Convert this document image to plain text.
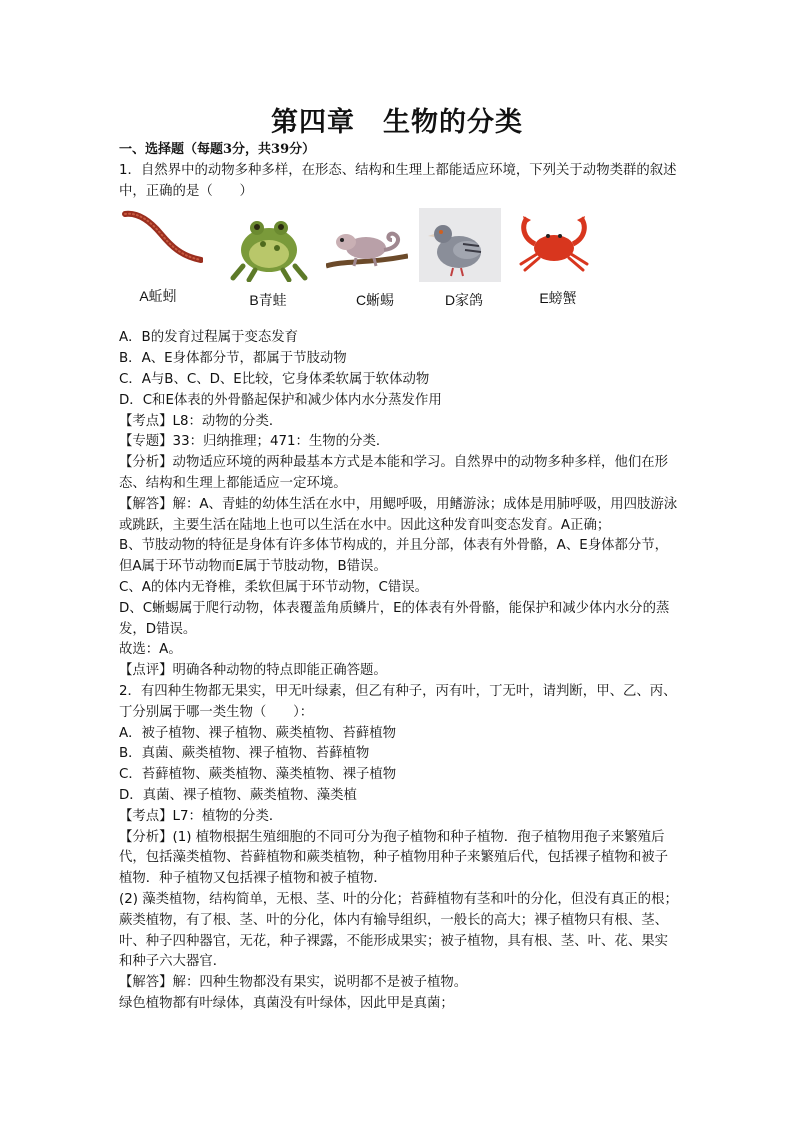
第四章　生物的分类

一、选择题（每题3分，共39分）

1．自然界中的动物多种多样，在形态、结构和生理上都能适应环境，下列关于动物类群的叙述中，正确的是（　　）

A蚯蚓	B青蛙	C蜥蜴	D家鸽	E螃蟹

A．B的发育过程属于变态发育

B．A、E身体都分节，都属于节肢动物

C．A与B、C、D、E比较，它身体柔软属于软体动物

D．C和E体表的外骨骼起保护和减少体内水分蒸发作用

【考点】L8：动物的分类．

【专题】33：归纳推理；471：生物的分类．

【分析】动物适应环境的两种最基本方式是本能和学习。自然界中的动物多种多样，他们在形态、结构和生理上都能适应一定环境。

【解答】解：A、青蛙的幼体生活在水中，用鳃呼吸，用鳍游泳；成体是用肺呼吸，用四肢游泳或跳跃，主要生活在陆地上也可以生活在水中。因此这种发育叫变态发育。A正确；

B、节肢动物的特征是身体有许多体节构成的，并且分部，体表有外骨骼，A、E身体都分节，但A属于环节动物而E属于节肢动物，B错误。

C、A的体内无脊椎，柔软但属于环节动物，C错误。

D、C蜥蜴属于爬行动物，体表覆盖角质鳞片，E的体表有外骨骼，能保护和减少体内水分的蒸发，D错误。

故选：A。

【点评】明确各种动物的特点即能正确答题。

2．有四种生物都无果实，甲无叶绿素，但乙有种子，丙有叶，丁无叶，请判断，甲、乙、丙、丁分别属于哪一类生物（　　）：

A．被子植物、裸子植物、蕨类植物、苔藓植物

B．真菌、蕨类植物、裸子植物、苔藓植物

C．苔藓植物、蕨类植物、藻类植物、裸子植物

D．真菌、裸子植物、蕨类植物、藻类植

【考点】L7：植物的分类．

【分析】(1) 植物根据生殖细胞的不同可分为孢子植物和种子植物．孢子植物用孢子来繁殖后代，包括藻类植物、苔藓植物和蕨类植物，种子植物用种子来繁殖后代，包括裸子植物和被子植物．种子植物又包括裸子植物和被子植物．

(2) 藻类植物，结构简单，无根、茎、叶的分化；苔藓植物有茎和叶的分化，但没有真正的根；蕨类植物，有了根、茎、叶的分化，体内有输导组织，一般长的高大；裸子植物只有根、茎、叶、种子四种器官，无花，种子裸露，不能形成果实；被子植物，具有根、茎、叶、花、果实和种子六大器官．

【解答】解：四种生物都没有果实，说明都不是被子植物。

绿色植物都有叶绿体，真菌没有叶绿体，因此甲是真菌；
